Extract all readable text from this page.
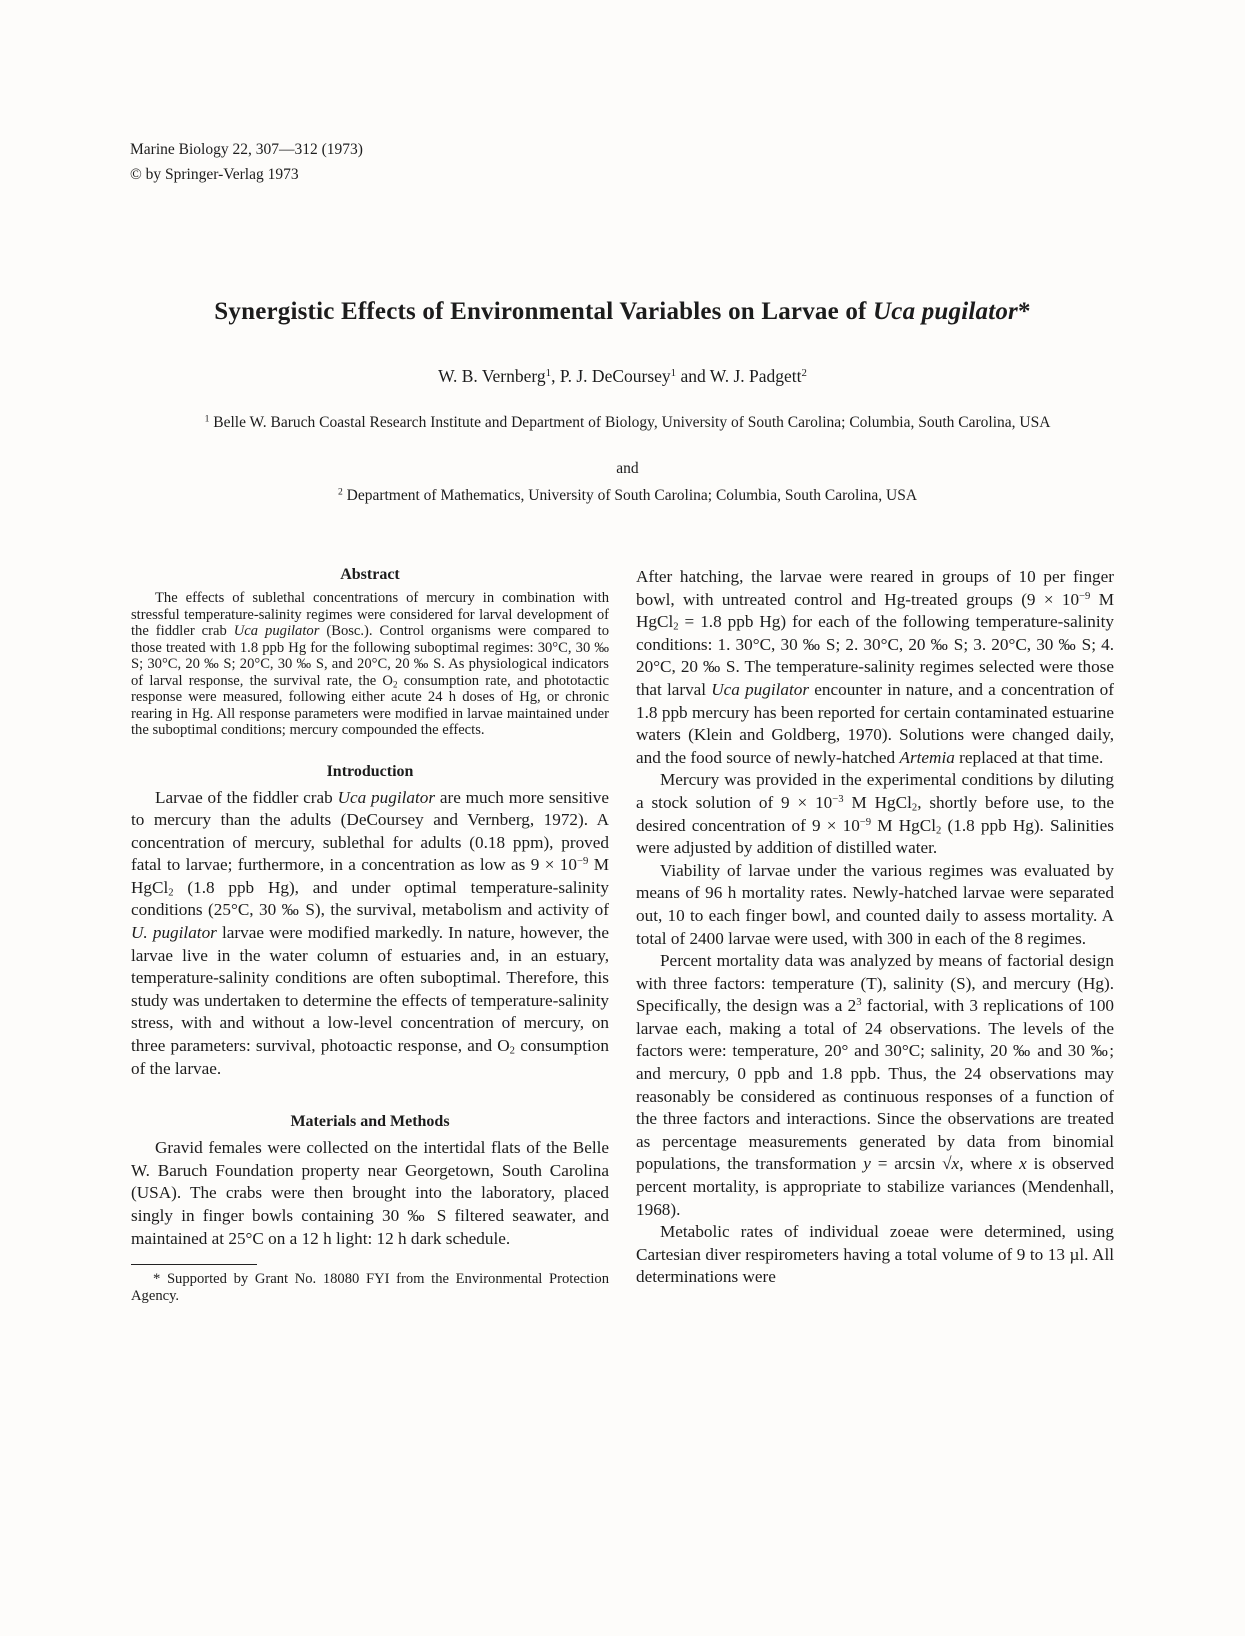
Marine Biology 22, 307—312 (1973)
© by Springer-Verlag 1973
Synergistic Effects of Environmental Variables on Larvae of Uca pugilator*
W. B. Vernberg$^1$, P. J. DeCoursey$^1$ and W. J. Padgett$^2$
$^1$ Belle W. Baruch Coastal Research Institute and Department of Biology, University of South Carolina; Columbia, South Carolina, USA
and
$^2$ Department of Mathematics, University of South Carolina; Columbia, South Carolina, USA
Abstract

The effects of sublethal concentrations of mercury in combination with stressful temperature-salinity regimes were considered for larval development of the fiddler crab Uca pugilator (Bosc.). Control organisms were compared to those treated with 1.8 ppb Hg for the following suboptimal regimes: 30°C, 30 ‰ S; 30°C, 20 ‰ S; 20°C, 30 ‰ S, and 20°C, 20 ‰ S. As physiological indicators of larval response, the survival rate, the $O_2$ consumption rate, and phototactic response were measured, following either acute 24 h doses of Hg, or chronic rearing in Hg. All response parameters were modified in larvae maintained under the suboptimal conditions; mercury compounded the effects.

Introduction

Larvae of the fiddler crab Uca pugilator are much more sensitive to mercury than the adults (DeCoursey and Vernberg, 1972). A concentration of mercury, sublethal for adults (0.18 ppm), proved fatal to larvae; furthermore, in a concentration as low as $9 \times 10^{-9}$ M HgCl$_2$ (1.8 ppb Hg), and under optimal temperature-salinity conditions (25°C, 30 ‰ S), the survival, metabolism and activity of U. pugilator larvae were modified markedly. In nature, however, the larvae live in the water column of estuaries and, in an estuary, temperature-salinity conditions are often suboptimal. Therefore, this study was undertaken to determine the effects of temperature-salinity stress, with and without a low-level concentration of mercury, on three parameters: survival, photoactic response, and $O_2$ consumption of the larvae.

Materials and Methods

Gravid females were collected on the intertidal flats of the Belle W. Baruch Foundation property near Georgetown, South Carolina (USA). The crabs were then brought into the laboratory, placed singly in finger bowls containing 30 ‰ S filtered seawater, and maintained at 25°C on a 12 h light: 12 h dark schedule.

* Supported by Grant No. 18080 FYI from the Environmental Protection Agency.

After hatching, the larvae were reared in groups of 10 per finger bowl, with untreated control and Hg-treated groups ($9 \times 10^{-9}$ M HgCl$_2$ = 1.8 ppb Hg) for each of the following temperature-salinity conditions: 1. 30°C, 30 ‰ S; 2. 30°C, 20 ‰ S; 3. 20°C, 30 ‰ S; 4. 20°C, 20 ‰ S. The temperature-salinity regimes selected were those that larval Uca pugilator encounter in nature, and a concentration of 1.8 ppb mercury has been reported for certain contaminated estuarine waters (Klein and Goldberg, 1970). Solutions were changed daily, and the food source of newly-hatched Artemia replaced at that time.

Mercury was provided in the experimental conditions by diluting a stock solution of $9 \times 10^{-3}$ M HgCl$_2$, shortly before use, to the desired concentration of $9 \times 10^{-9}$ M HgCl$_2$ (1.8 ppb Hg). Salinities were adjusted by addition of distilled water.

Viability of larvae under the various regimes was evaluated by means of 96 h mortality rates. Newly-hatched larvae were separated out, 10 to each finger bowl, and counted daily to assess mortality. A total of 2400 larvae were used, with 300 in each of the 8 regimes.

Percent mortality data was analyzed by means of factorial design with three factors: temperature (T), salinity (S), and mercury (Hg). Specifically, the design was a $2^3$ factorial, with 3 replications of 100 larvae each, making a total of 24 observations. The levels of the factors were: temperature, 20° and 30°C; salinity, 20 ‰ and 30 ‰; and mercury, 0 ppb and 1.8 ppb. Thus, the 24 observations may reasonably be considered as continuous responses of a function of the three factors and interactions. Since the observations are treated as percentage measurements generated by data from binomial populations, the transformation y = arcsin √x, where x is observed percent mortality, is appropriate to stabilize variances (Mendenhall, 1968).

Metabolic rates of individual zoeae were determined, using Cartesian diver respirometers having a total volume of 9 to 13 µl. All determinations were
